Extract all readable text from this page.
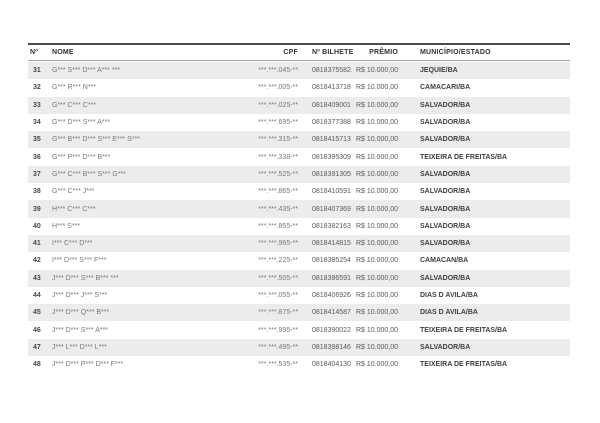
Nº	NOME	CPF	Nº BILHETE	PRÊMIO	MUNICÍPIO/ESTADO
31	G*** S*** D*** A*** ***	***.***.045-**	0818375582	R$ 10.000,00	JEQUIE/BA
32	G*** R*** N***	***.***.005-**	0818413718	R$ 10.000,00	CAMACARI/BA
33	G*** C*** C***	***.***.025-**	0818409001	R$ 10.000,00	SALVADOR/BA
34	G*** D*** S*** A***	***.***.695-**	0818377388	R$ 10.000,00	SALVADOR/BA
35	G*** B*** D*** S*** E*** S***	***.***.315-**	0818415713	R$ 10.000,00	SALVADOR/BA
36	G*** P*** D*** B***	***.***.338-**	0818395309	R$ 10.000,00	TEIXEIRA DE FREITAS/BA
37	G*** C*** B*** S*** G***	***.***.525-**	0818391305	R$ 10.000,00	SALVADOR/BA
38	G*** C*** J***	***.***.865-**	0818410591	R$ 10.000,00	SALVADOR/BA
39	H*** C*** C***	***.***.435-**	0818407369	R$ 10.000,00	SALVADOR/BA
40	H*** S***	***.***.855-**	0818382163	R$ 10.000,00	SALVADOR/BA
41	I*** C*** D***	***.***.965-**	0818414815	R$ 10.000,00	SALVADOR/BA
42	I*** D*** S*** F***	***.***.225-**	0818385254	R$ 10.000,00	CAMACAN/BA
43	J*** D*** S*** B*** ***	***.***.505-**	0818396591	R$ 10.000,00	SALVADOR/BA
44	J*** D*** J*** S***	***.***.055-**	0818406926	R$ 10.000,00	DIAS D AVILA/BA
45	J*** D*** Q*** B***	***.***.875-**	0818414587	R$ 10.000,00	DIAS D AVILA/BA
46	J*** D*** S*** A***	***.***.995-**	0818390022	R$ 10.000,00	TEIXEIRA DE FREITAS/BA
47	J*** L*** D*** L***	***.***.495-**	0818398146	R$ 10.000,00	SALVADOR/BA
48	J*** D*** P*** D*** F***	***.***.535-**	0818404130	R$ 10.000,00	TEIXEIRA DE FREITAS/BA
